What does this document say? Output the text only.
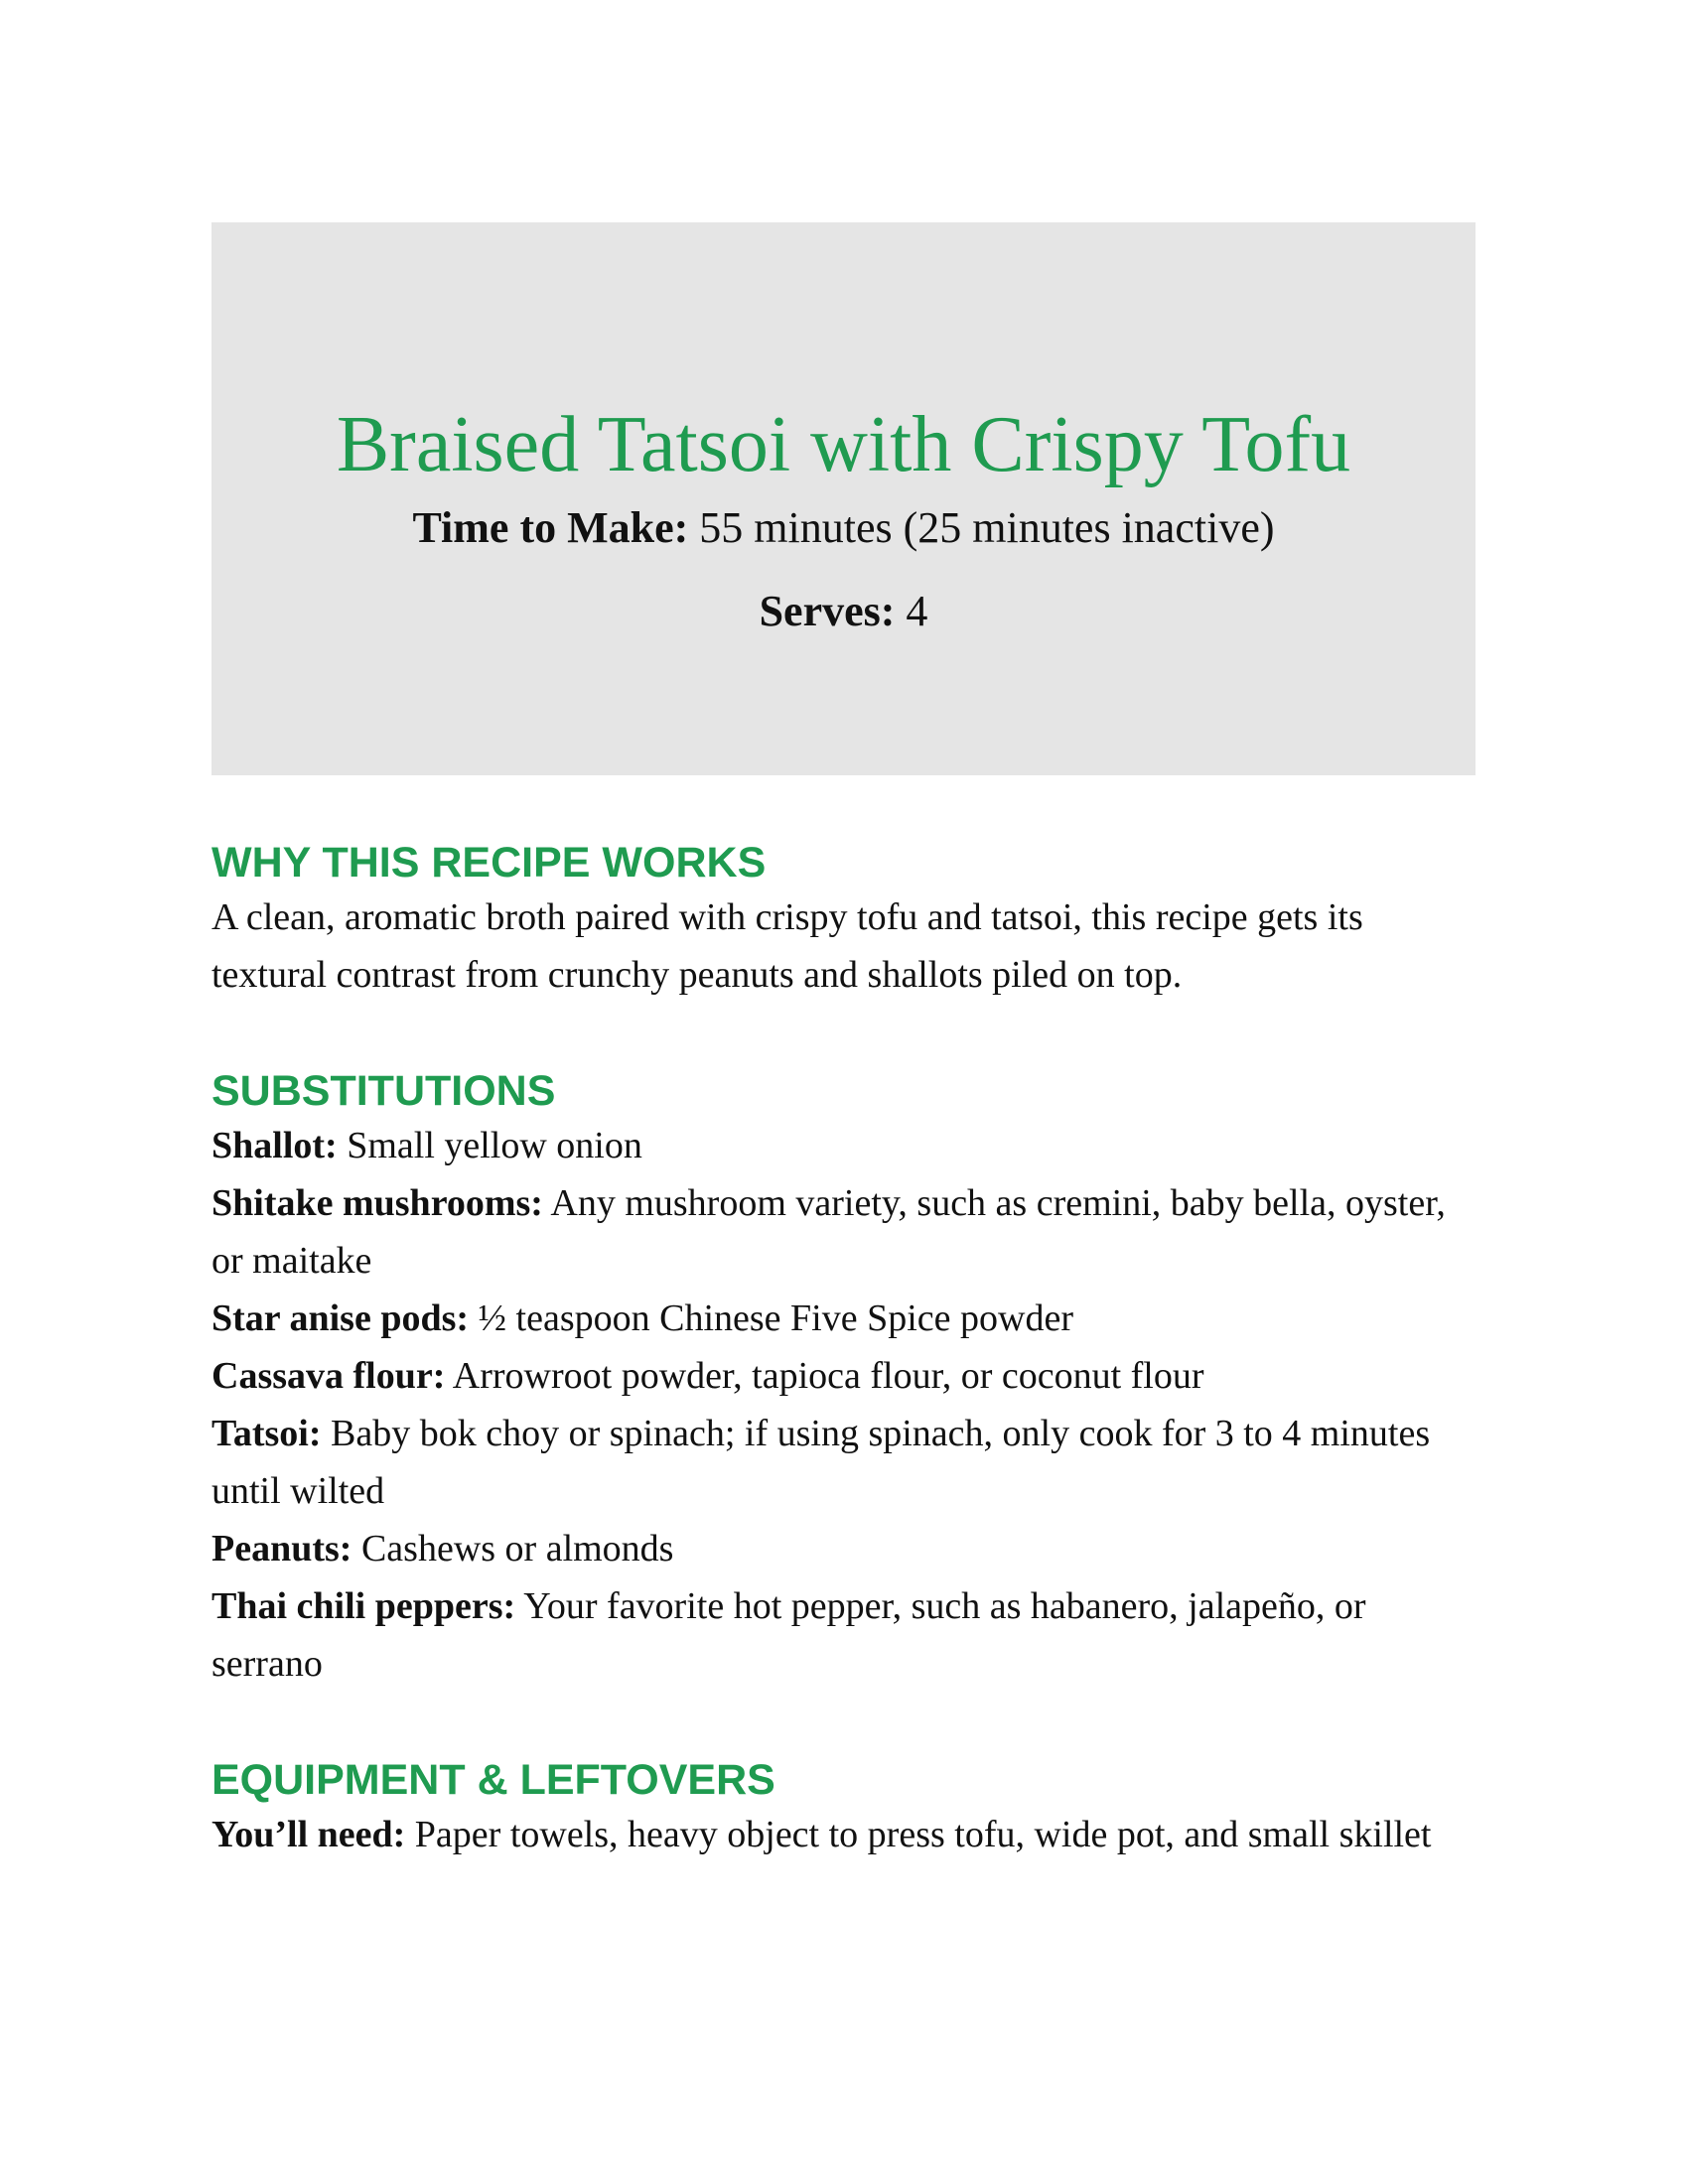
Braised Tatsoi with Crispy Tofu

Time to Make: 55 minutes (25 minutes inactive)

Serves: 4

WHY THIS RECIPE WORKS

A clean, aromatic broth paired with crispy tofu and tatsoi, this recipe gets its textural contrast from crunchy peanuts and shallots piled on top.

SUBSTITUTIONS

Shallot: Small yellow onion

Shitake mushrooms: Any mushroom variety, such as cremini, baby bella, oyster, or maitake

Star anise pods: ½ teaspoon Chinese Five Spice powder

Cassava flour: Arrowroot powder, tapioca flour, or coconut flour

Tatsoi: Baby bok choy or spinach; if using spinach, only cook for 3 to 4 minutes until wilted

Peanuts: Cashews or almonds

Thai chili peppers: Your favorite hot pepper, such as habanero, jalapeño, or serrano

EQUIPMENT & LEFTOVERS

You’ll need: Paper towels, heavy object to press tofu, wide pot, and small skillet
